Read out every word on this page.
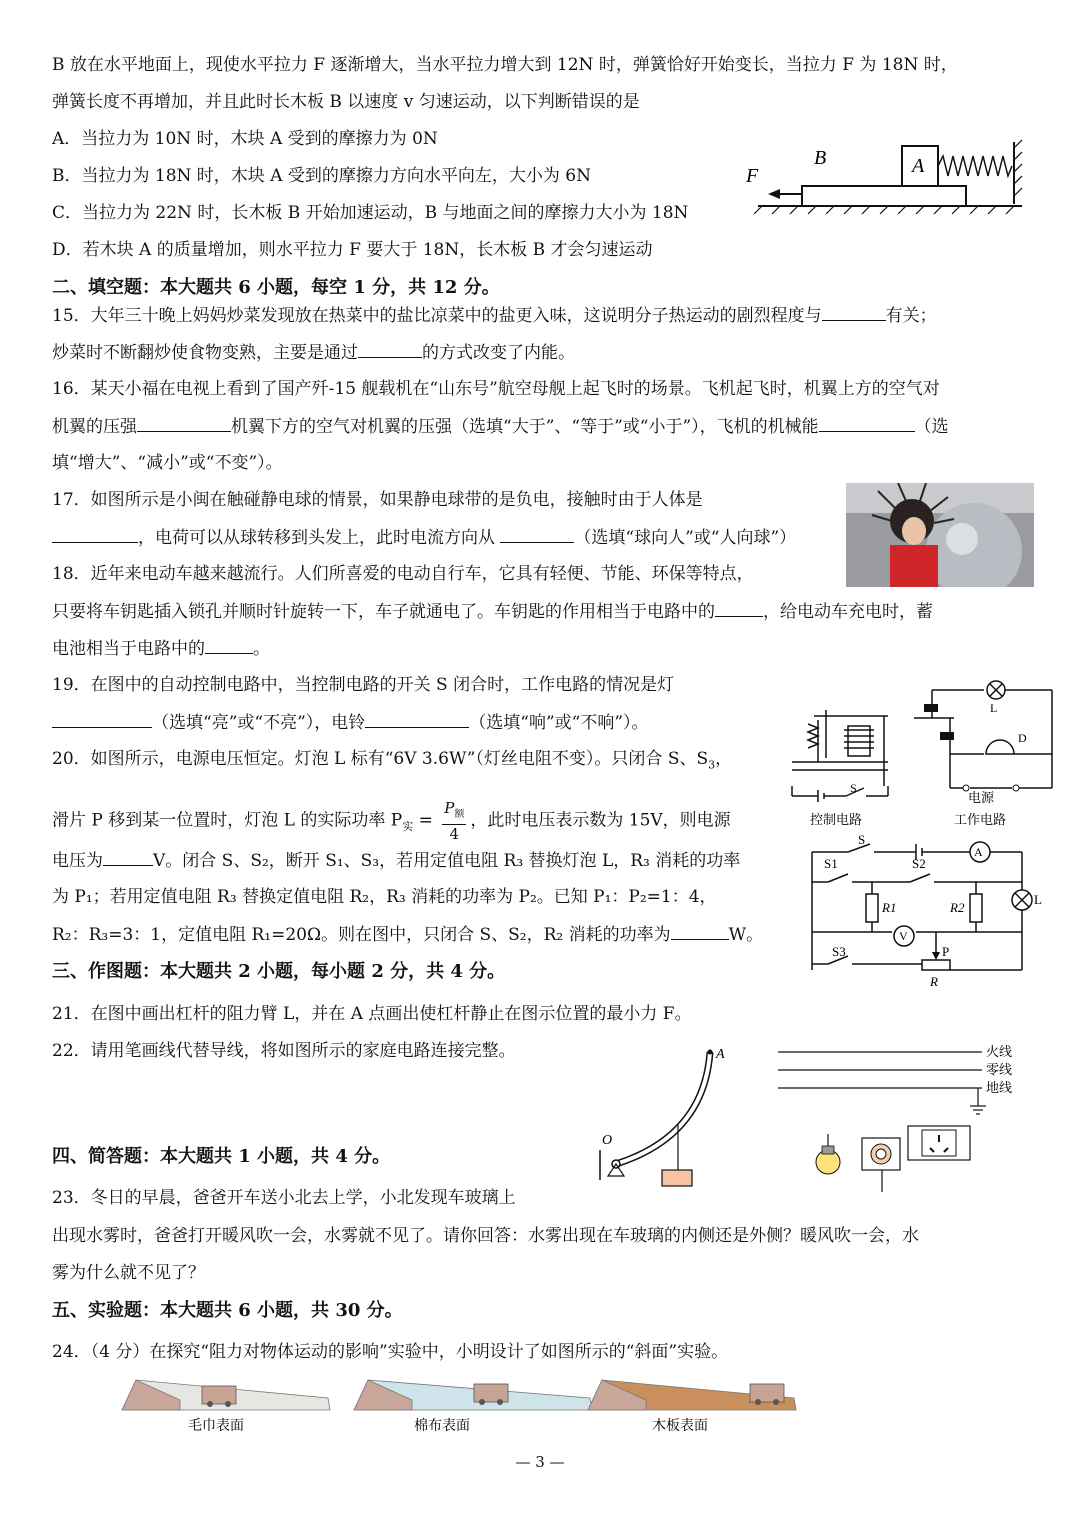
B 放在水平地面上，现使水平拉力 F 逐渐增大，当水平拉力增大到 12N 时，弹簧恰好开始变长，当拉力 F 为 18N 时，
弹簧长度不再增加，并且此时长木板 B 以速度 v 匀速运动，以下判断错误的是
A．当拉力为 10N 时，木块 A 受到的摩擦力为 0N
B．当拉力为 18N 时，木块 A 受到的摩擦力方向水平向左，大小为 6N
C．当拉力为 22N 时，长木板 B 开始加速运动，B 与地面之间的摩擦力大小为 18N
D．若木块 A 的质量增加，则水平拉力 F 要大于 18N，长木板 B 才会匀速运动
F
B	A
二、填空题：本大题共 6 小题，每空 1 分，共 12 分。
15．大年三十晚上妈妈炒菜发现放在热菜中的盐比凉菜中的盐更入味，这说明分子热运动的剧烈程度与	有关；
炒菜时不断翻炒使食物变熟，主要是通过	的方式改变了内能。
16．某天小福在电视上看到了国产歼-15 舰载机在“山东号”航空母舰上起飞时的场景。飞机起飞时，机翼上方的空气对
机翼的压强	机翼下方的空气对机翼的压强（选填“大于”、“等于”或“小于”），飞机的机械能	（选
填“增大”、“减小”或“不变”）。
17．如图所示是小闽在触碰静电球的情景，如果静电球带的是负电，接触时由于人体是
，电荷可以从球转移到头发上，此时电流方向从	（选填“球向人”或“人向球”）
18．近年来电动车越来越流行。人们所喜爱的电动自行车，它具有轻便、节能、环保等特点，
只要将车钥匙插入锁孔并顺时针旋转一下，车子就通电了。车钥匙的作用相当于电路中的	，给电动车充电时，蓄
电池相当于电路中的	。
19．在图中的自动控制电路中，当控制电路的开关 S 闭合时，工作电路的情况是灯
（选填“亮”或“不亮”），电铃	（选填“响”或“不响”）。
L
D
S
电源
控制电路	工作电路
20．如图所示，电源电压恒定。灯泡 L 标有“6V 3.6W”（灯丝电阻不变）。只闭合 S、$S_3$，
滑片 P 移到某一位置时，灯泡 L 的实际功率 $P_实$ =
$P_额$
4
，此时电压表示数为 15V，则电源
电压为	V。闭合 S、S₂，断开 S₁、S₃，若用定值电阻 R₃ 替换灯泡 L，R₃ 消耗的功率
为 P₁；若用定值电阻 R₃ 替换定值电阻 R₂，R₃ 消耗的功率为 P₂。已知 P₁：P₂=1：4，
R₂：R₃=3：1，定值电阻 R₁=20Ω。则在图中，只闭合 S、S₂，R₂ 消耗的功率为	W。
S
S1	S2
A
V
L
R1	R2
S3	P
R
三、作图题：本大题共 2 小题，每小题 2 分，共 4 分。
21．在图中画出杠杆的阻力臂 L，并在 A 点画出使杠杆静止在图示位置的最小力 F。
22．请用笔画线代替导线，将如图所示的家庭电路连接完整。	A
O
火线
零线
地线
四、简答题：本大题共 1 小题，共 4 分。
23．冬日的早晨，爸爸开车送小北去上学，小北发现车玻璃上
出现水雾时，爸爸打开暖风吹一会，水雾就不见了。请你回答：水雾出现在车玻璃的内侧还是外侧？暖风吹一会，水
雾为什么就不见了？
五、实验题：本大题共 6 小题，共 30 分。
24．（4 分）在探究“阻力对物体运动的影响”实验中，小明设计了如图所示的“斜面”实验。
毛巾表面	棉布表面	木板表面
— 3 —
